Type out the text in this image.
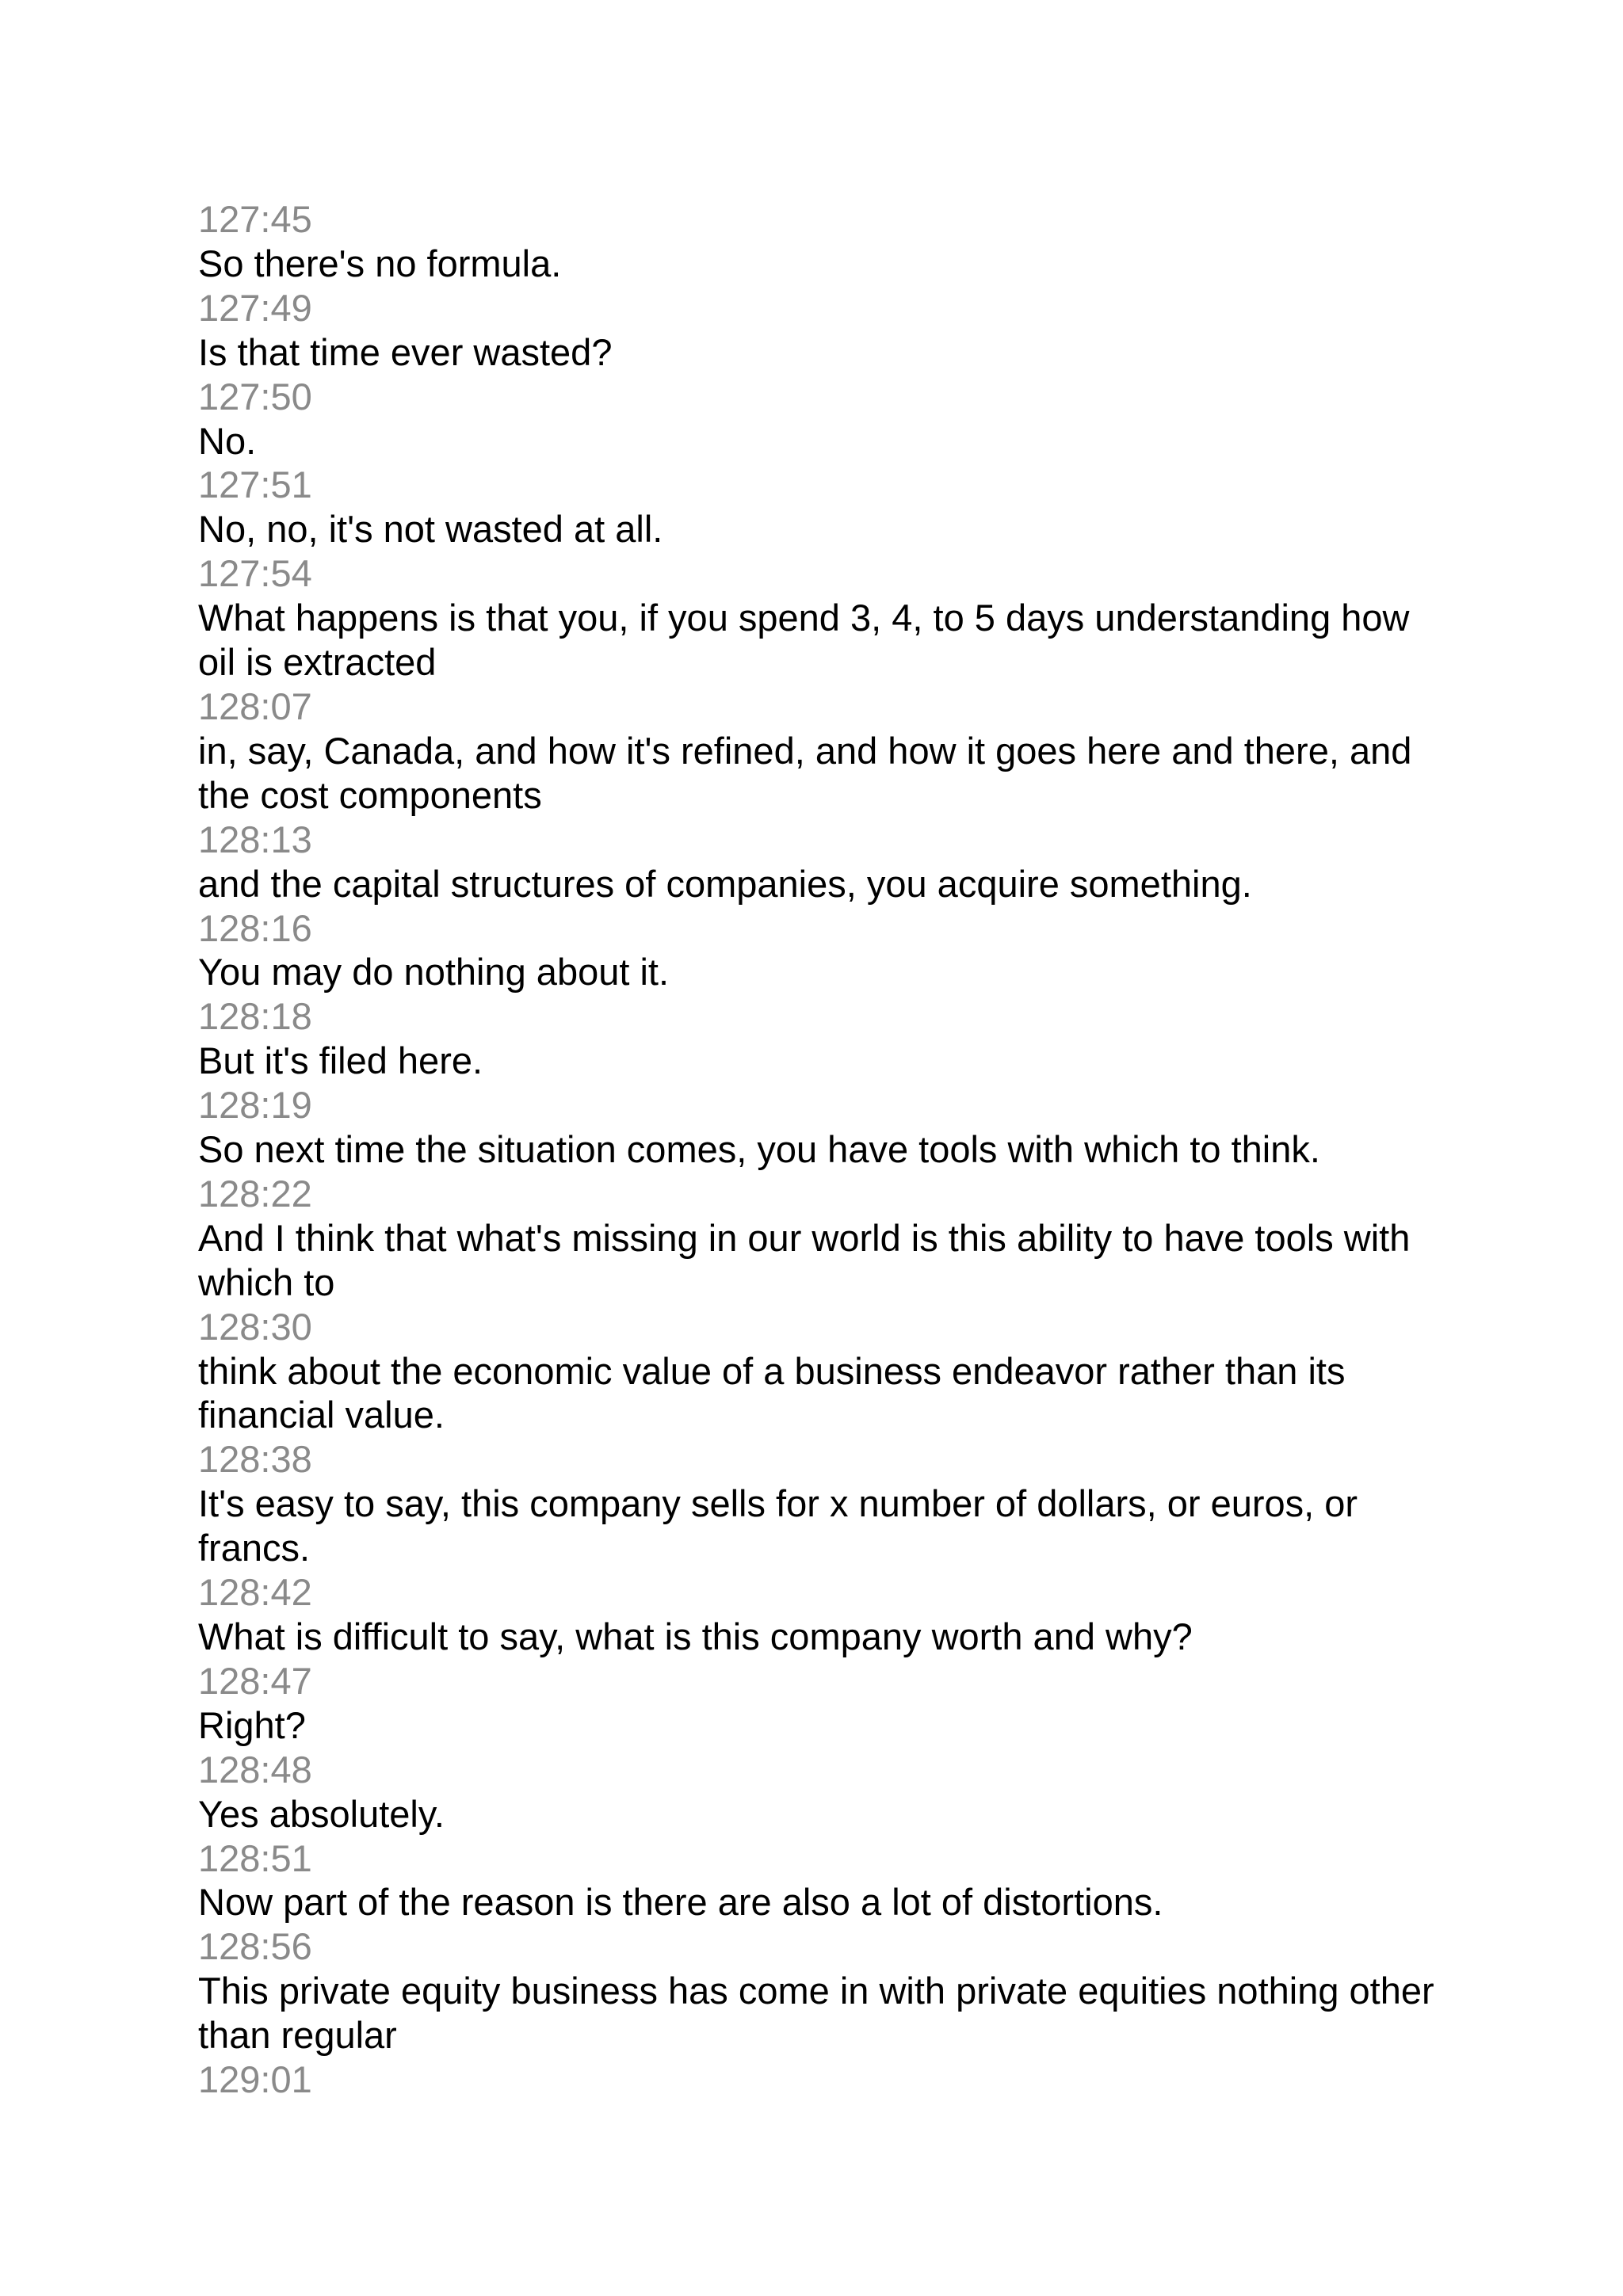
127:45
So there's no formula.
127:49
Is that time ever wasted?
127:50
No.
127:51
No, no, it's not wasted at all.
127:54
What happens is that you, if you spend 3, 4, to 5 days understanding how oil is extracted
128:07
in, say, Canada, and how it's refined, and how it goes here and there, and the cost components
128:13
and the capital structures of companies, you acquire something.
128:16
You may do nothing about it.
128:18
But it's filed here.
128:19
So next time the situation comes, you have tools with which to think.
128:22
And I think that what's missing in our world is this ability to have tools with which to
128:30
think about the economic value of a business endeavor rather than its financial value.
128:38
It's easy to say, this company sells for x number of dollars, or euros, or francs.
128:42
What is difficult to say, what is this company worth and why?
128:47
Right?
128:48
Yes absolutely.
128:51
Now part of the reason is there are also a lot of distortions.
128:56
This private equity business has come in with private equities nothing other than regular
129:01
